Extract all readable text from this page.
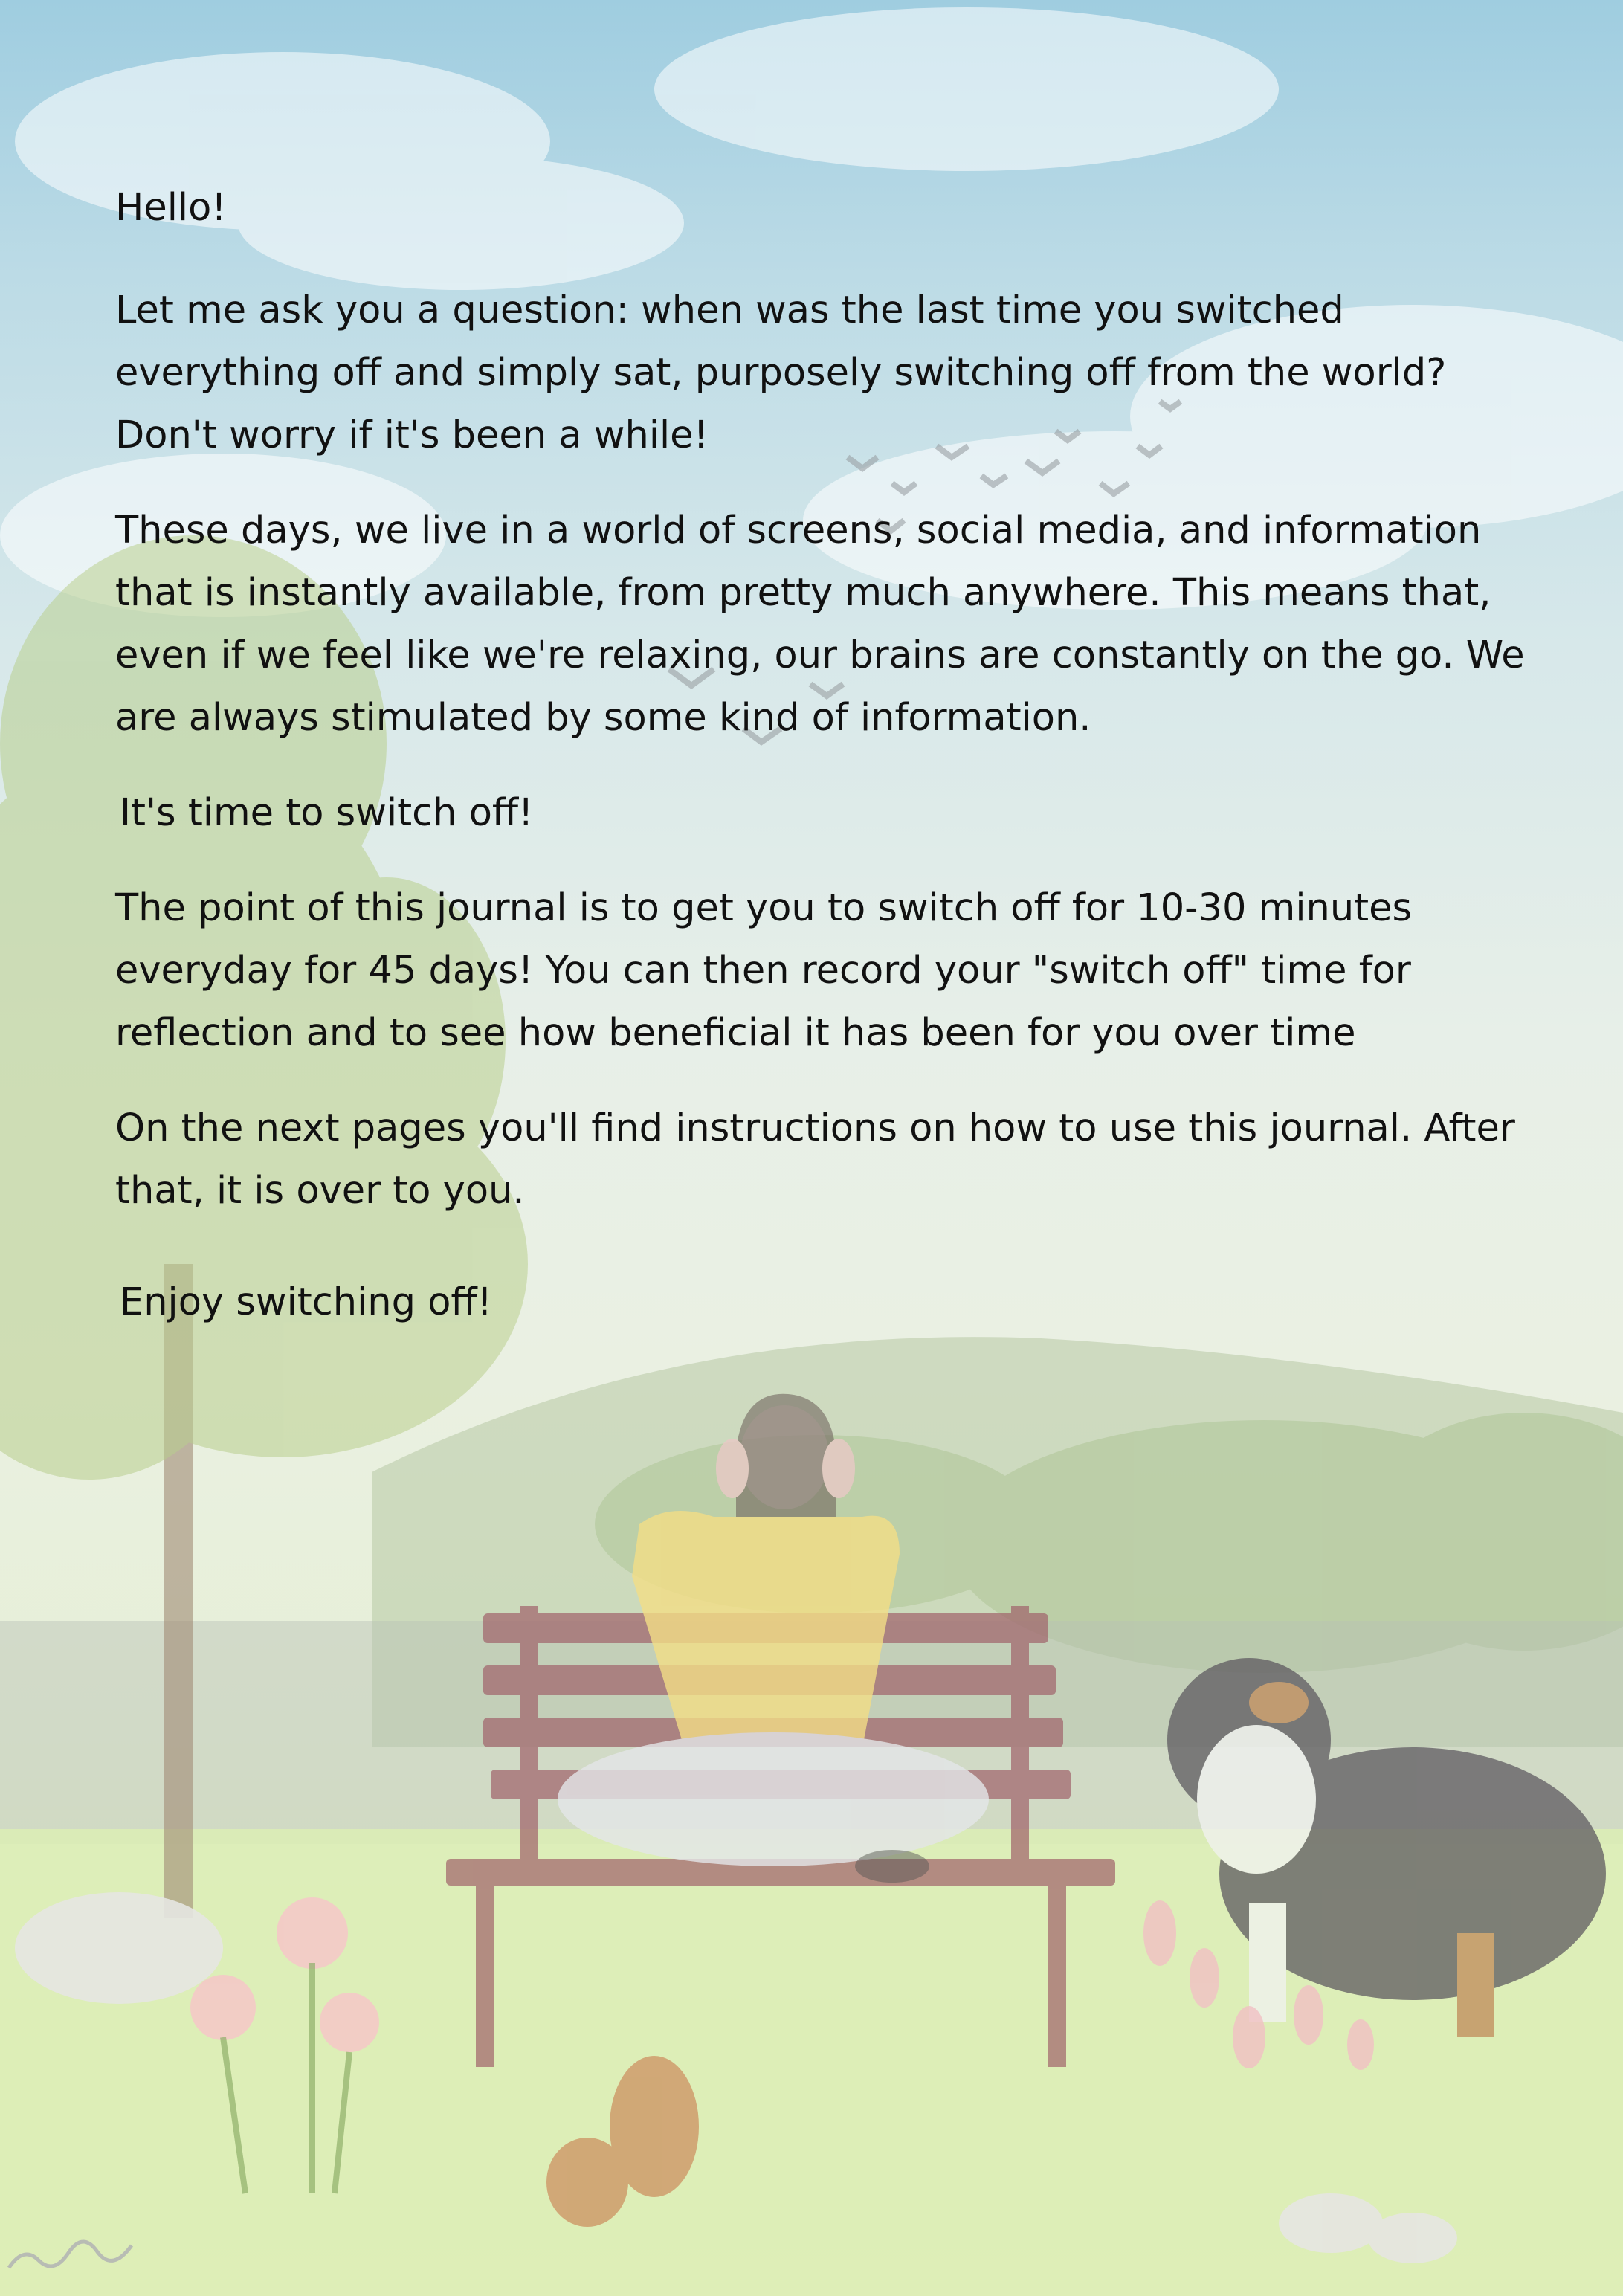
Hello!

Let me ask you a question: when was the last time you switched everything off and simply sat, purposely switching off from the world? Don't worry if it's been a while!

These days, we live in a world of screens, social media, and information that is instantly available, from pretty much anywhere. This means that, even if we feel like we're relaxing, our brains are constantly on the go. We are always stimulated by some kind of information.

It's time to switch off!

The point of this journal is to get you to switch off for 10-30 minutes everyday for 45 days! You can then record your "switch off" time for reflection and to see how beneficial it has been for you over time

On the next pages you'll find instructions on how to use this journal. After that, it is over to you.

Enjoy switching off!
